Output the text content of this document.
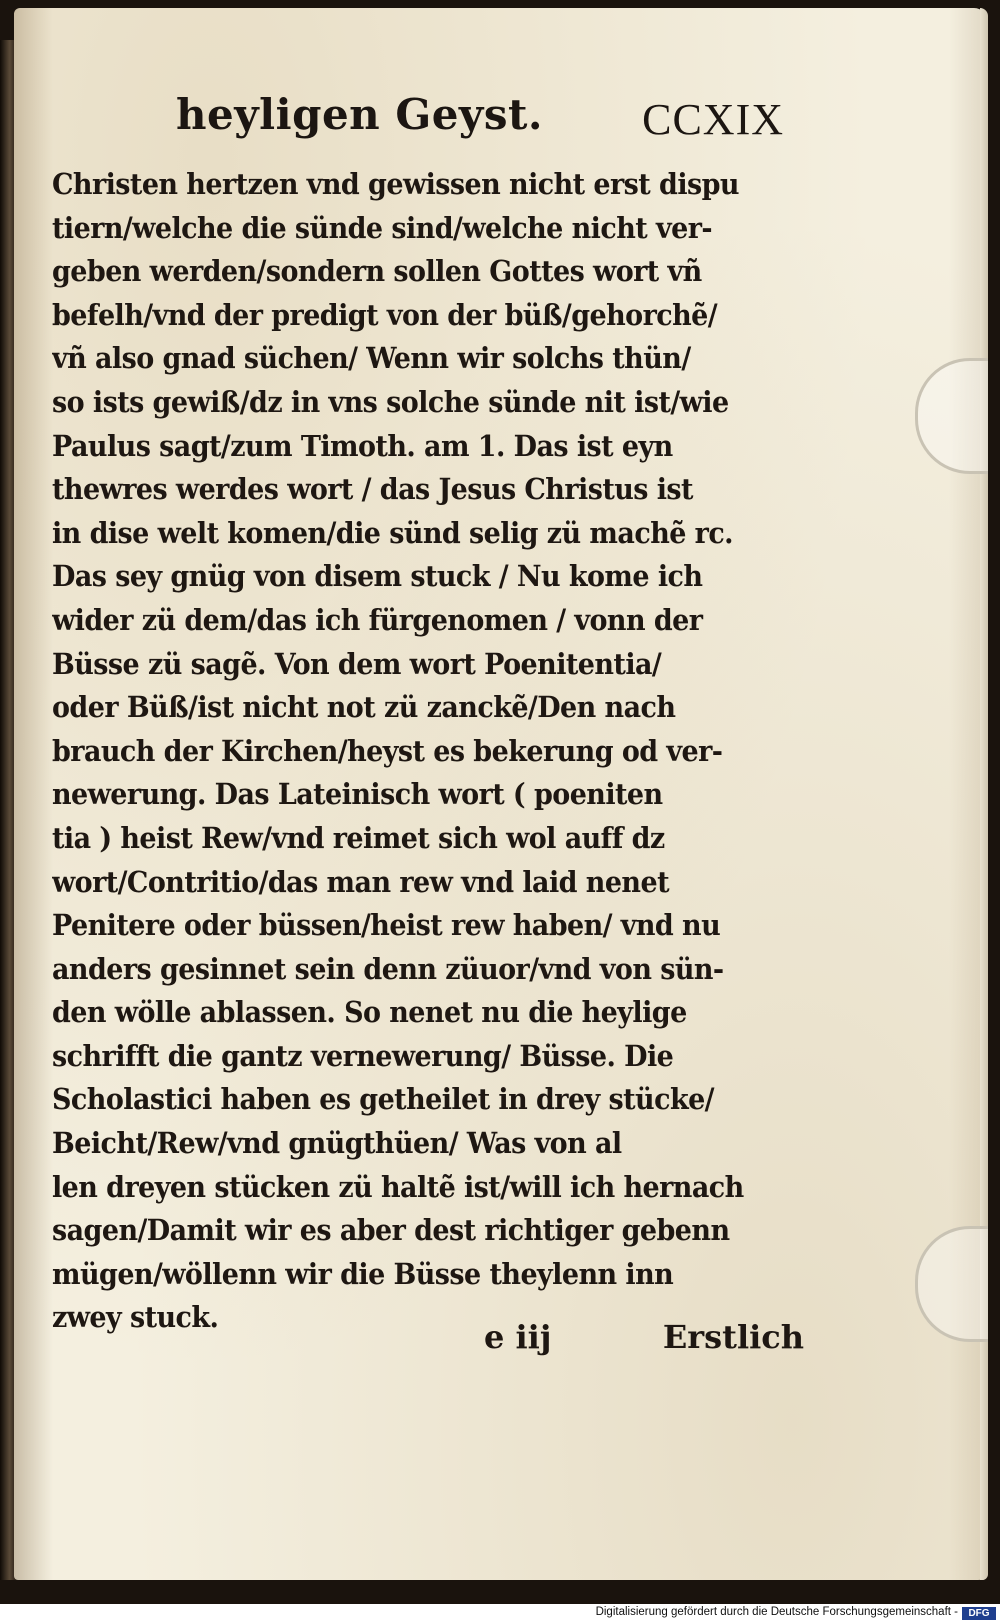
heyligen Geyst. CCXIX
Christen hertzen vnd gewissen nicht erst dispu
tiern/welche die sünde sind/welche nicht ver-
geben werden/sondern sollen Gottes wort vñ
befelh/vnd der predigt von der büß/gehorchẽ/
vñ also gnad süchen/ Wenn wir solchs thün/
so ists gewiß/dz in vns solche sünde nit ist/wie
Paulus sagt/zum Timoth. am 1. Das ist eyn
thewres werdes wort / das Jesus Christus ist
in dise welt komen/die sünd selig zü machẽ rc.
Das sey gnüg von disem stuck / Nu kome ich
wider zü dem/das ich fürgenomen / vonn der
Büsse zü sagẽ. Von dem wort Poenitentia/
oder Büß/ist nicht not zü zanckẽ/Den nach
brauch der Kirchen/heyst es bekerung od ver-
newerung. Das Lateinisch wort ( poeniten
tia ) heist Rew/vnd reimet sich wol auff dz
wort/Contritio/das man rew vnd laid nenet
Penitere oder büssen/heist rew haben/ vnd nu
anders gesinnet sein denn züuor/vnd von sün-
den wölle ablassen. So nenet nu die heylige
schrifft die gantz vernewerung/ Büsse. Die
Scholastici haben es getheilet in drey stücke/
Beicht/Rew/vnd gnügthüen/ Was von al
len dreyen stücken zü haltẽ ist/will ich hernach
sagen/Damit wir es aber dest richtiger gebenn
mügen/wöllenn wir die Büsse theylenn inn
zwey stuck.
e iij	Erstlich
Digitalisierung gefördert durch die Deutsche Forschungsgemeinschaft -	DFG
